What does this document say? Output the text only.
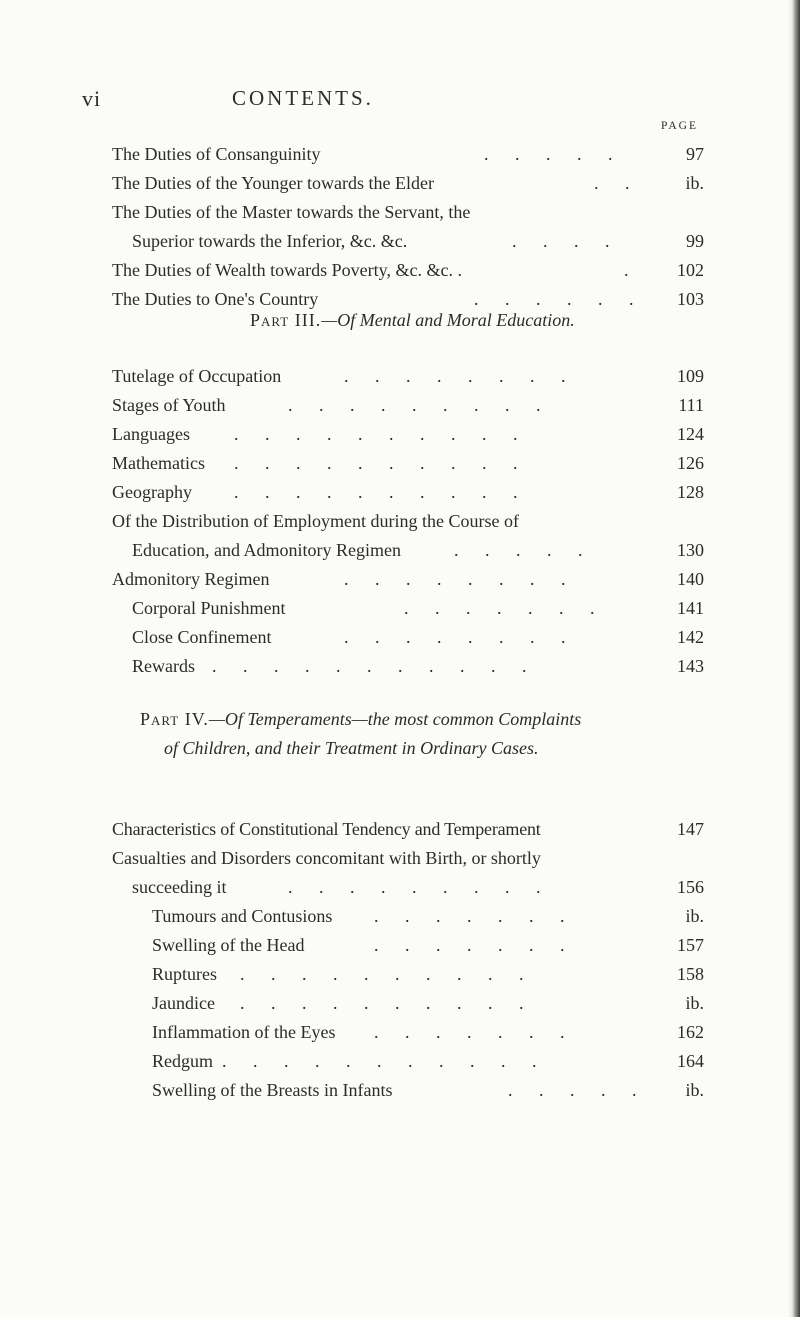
vi	CONTENTS.
PAGE
The Duties of Consanguinity	. . . . .	97
The Duties of the Younger towards the Elder	. . ib.
The Duties of the Master towards the Servant, the
Superior towards the Inferior, &c. &c.	. . . .	99
The Duties of Wealth towards Poverty, &c. &c. .	. 102
The Duties to One's Country	. . . . . . 103
Part III.—Of Mental and Moral Education.
Tutelage of Occupation	. . . . . . . .	109
Stages of Youth	. . . . . . . . .	111
Languages . . . . . . . . . .	124
Mathematics . . . . . . . . . .	126
Geography . . . . . . . . . .	128
Of the Distribution of Employment during the Course of
Education, and Admonitory Regimen	. . . . .	130
Admonitory Regimen	. . . . . . . .	140
Corporal Punishment	. . . . . . .	141
Close Confinement	. . . . . . . .	142
Rewards . . . . . . . . . . .	143
Part IV.—Of Temperaments—the most common Complaints
of Children, and their Treatment in Ordinary Cases.
Characteristics of Constitutional Tendency and Temperament	147
Casualties and Disorders concomitant with Birth, or shortly
succeeding it	. . . . . . . . .	156
Tumours and Contusions . . . . . . .	ib.
Swelling of the Head	. . . . . . .	157
Ruptures . . . . . . . . . .	158
Jaundice . . . . . . . . . .	ib.
Inflammation of the Eyes . . . . . . .	162
Redgum . . . . . . . . . . .	164
Swelling of the Breasts in Infants	. . . . . ib.
